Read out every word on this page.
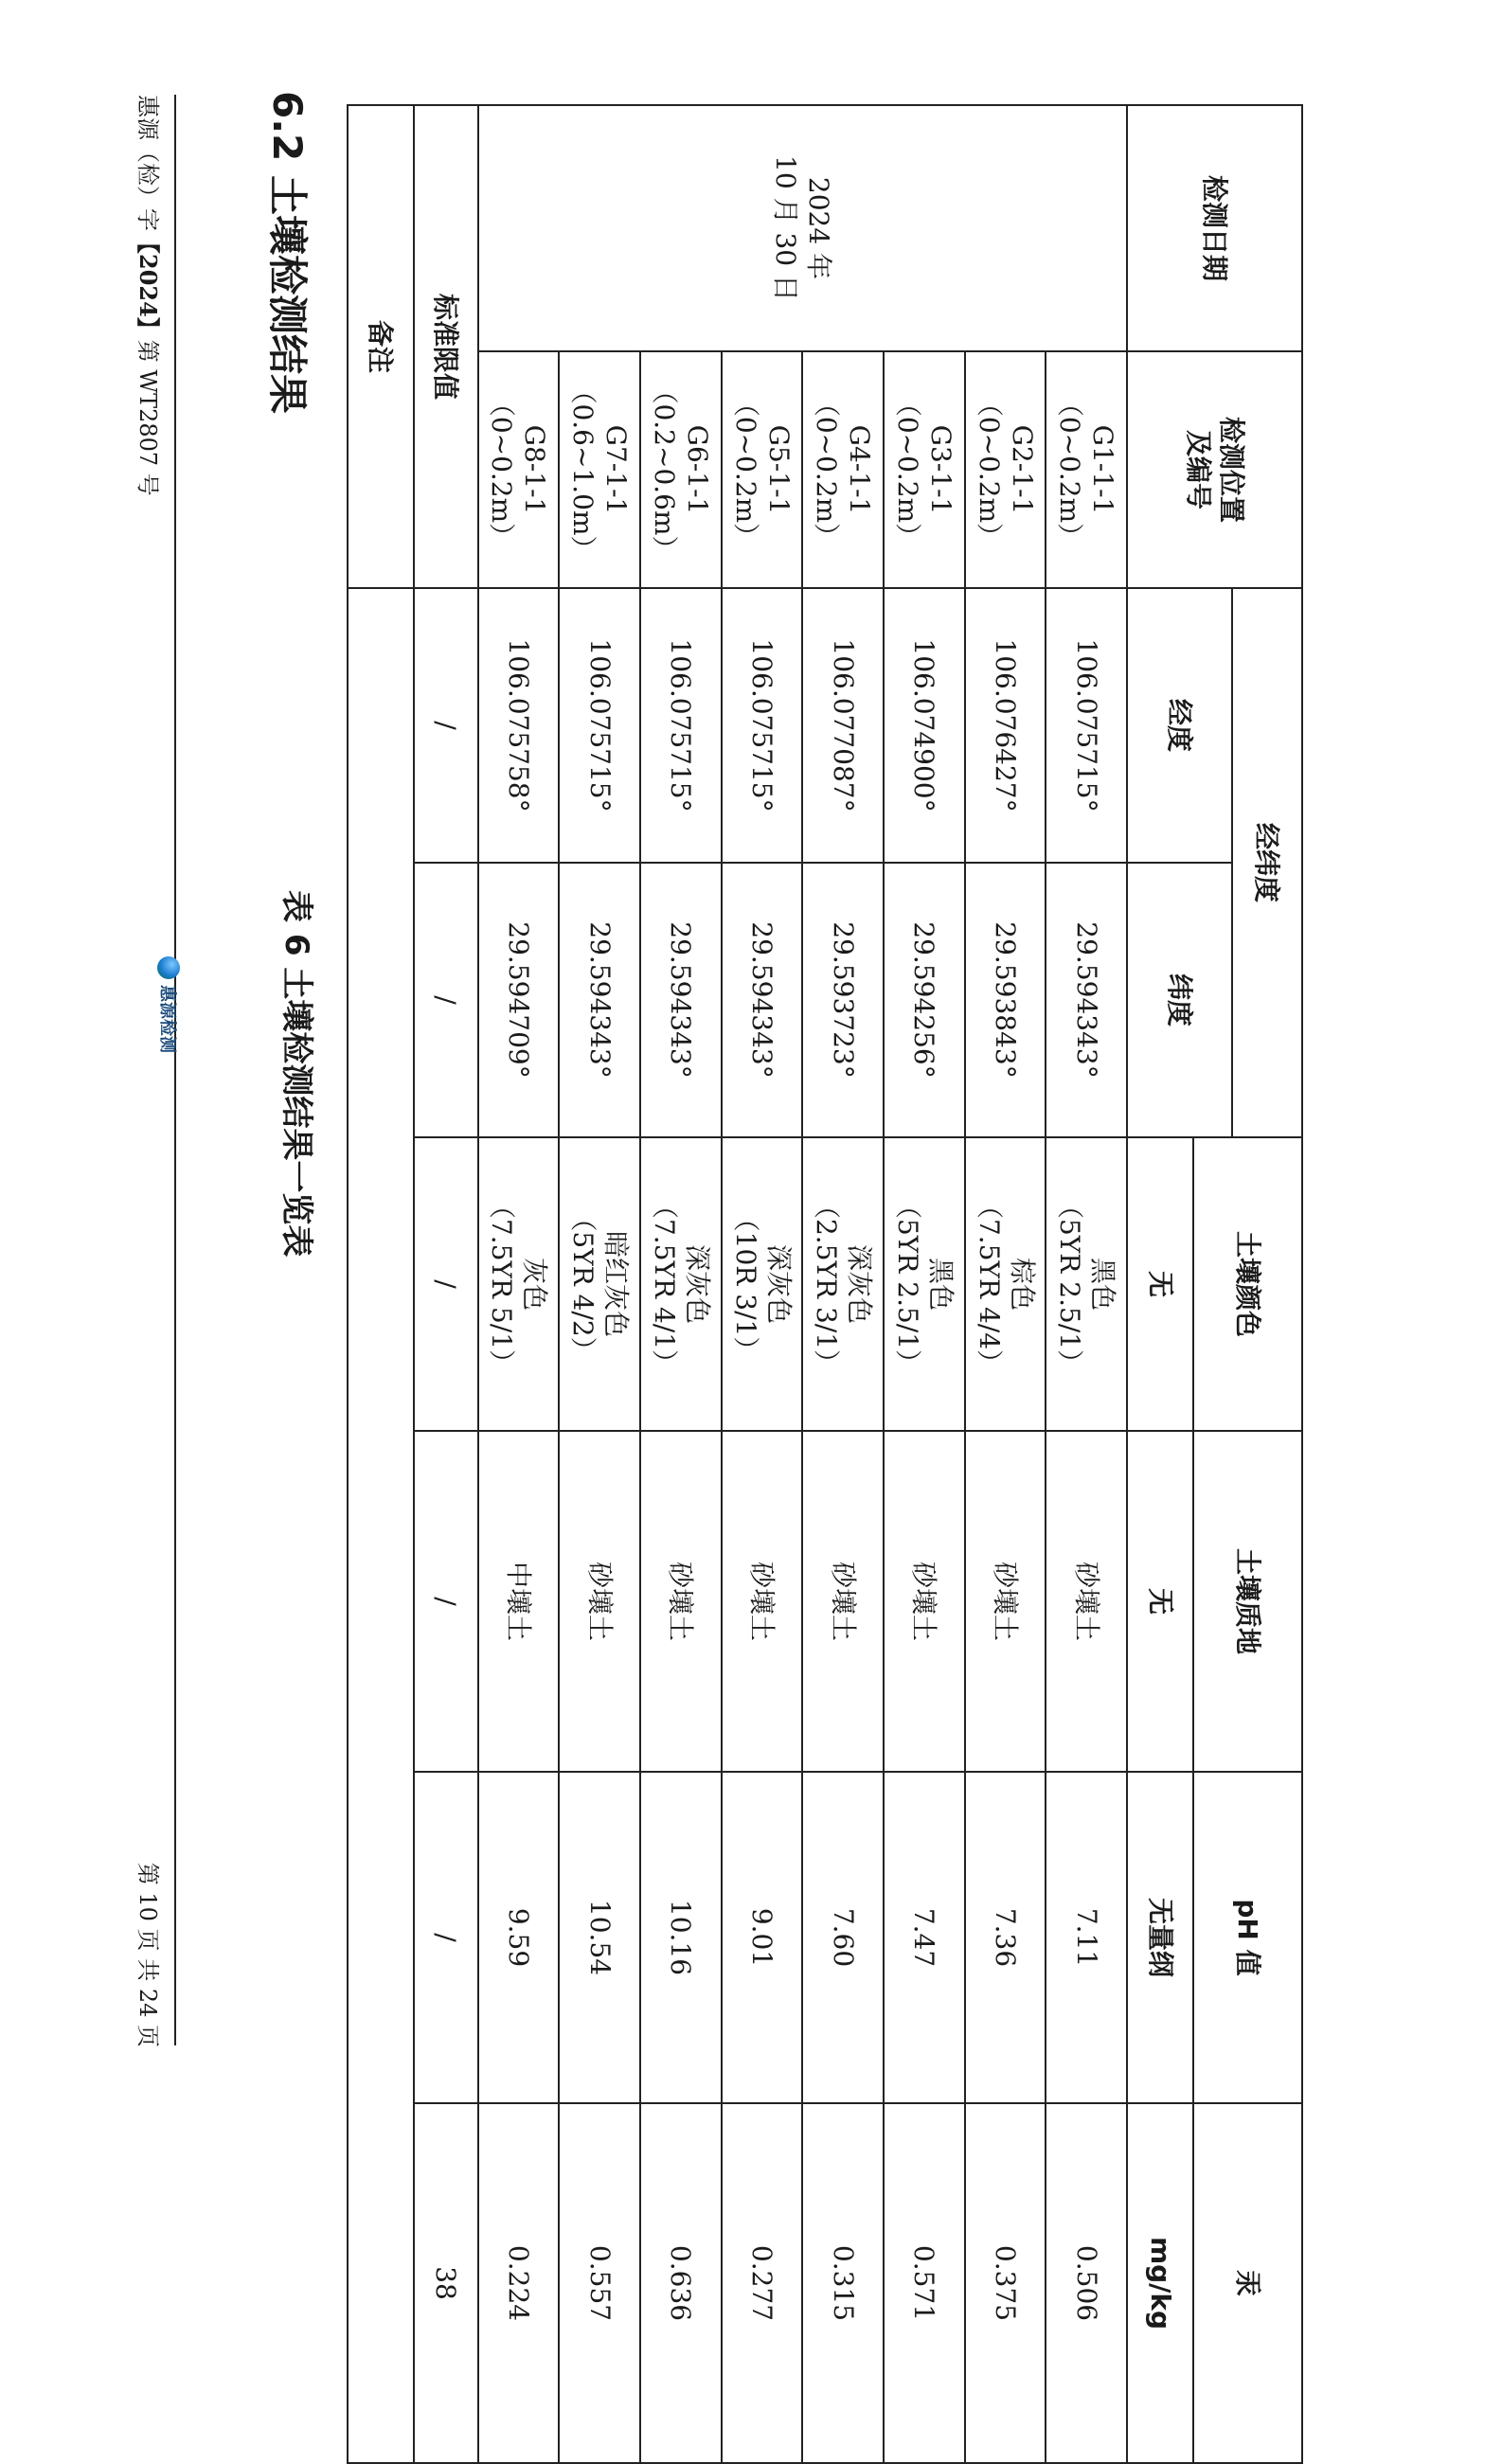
惠源（检）字【2024】第 WT2807 号
惠源检测
第 10 页 共 24 页
6.2 土壤检测结果
表 6 土壤检测结果一览表
检测日期	检测位置
及编号	经纬度		土壤颜色	土壤质地	pH 值	汞
		经度	纬度				
				无	无	无量纲	mg/kg

2024 年
10 月 30 日	G1-1-1（0~0.2m）	106.075715°	29.594343°	黑色
（5YR 2.5/1）	砂壤土	7.11	0.506
	G2-1-1（0~0.2m）	106.076427°	29.593843°	棕色
（7.5YR 4/4）	砂壤土	7.36	0.375
	G3-1-1（0~0.2m）	106.074900°	29.594256°	黑色
（5YR 2.5/1）	砂壤土	7.47	0.571
	G4-1-1（0~0.2m）	106.077087°	29.593723°	深灰色
（2.5YR 3/1）	砂壤土	7.60	0.315
	G5-1-1（0~0.2m）	106.075715°	29.594343°	深灰色
（10R 3/1）	砂壤土	9.01	0.277
	G6-1-1（0.2~0.6m）	106.075715°	29.594343°	深灰色
（7.5YR 4/1）	砂壤土	10.16	0.636
	G7-1-1（0.6~1.0m）	106.075715°	29.594343°	暗红灰色
（5YR 4/2）	砂壤土	10.54	0.557
	G8-1-1（0~0.2m）	106.075758°	29.594709°	灰色
（7.5YR 5/1）	中壤土	9.59	0.224
标准限值		/	/	/	/	/	38
备注							
